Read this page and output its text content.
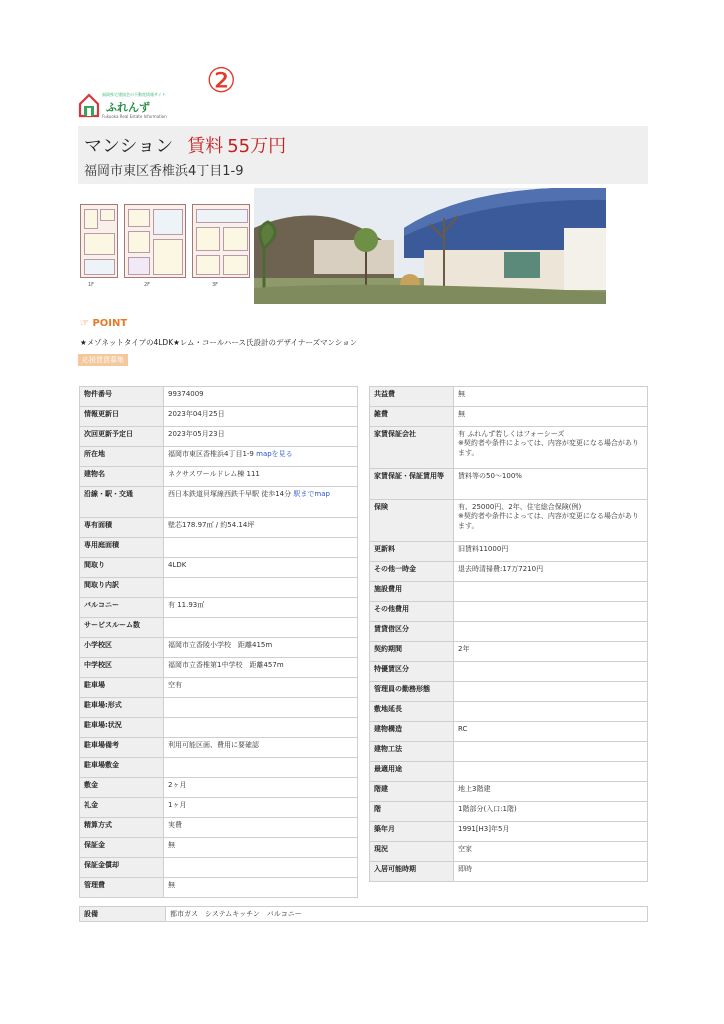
②
福岡県宅建協会の不動産情報サイト
ふれんず
Fukuoka Real Estate Information
マンション 賃料 55万円
福岡市東区香椎浜4丁目1-9
1F	2F	3F
☞ POINT
★メゾネットタイプの4LDK★レム・コールハース氏設計のデザイナーズマンション
応援賃貸募集
物件番号	99374009
情報更新日	2023年04月25日
次回更新予定日	2023年05月23日
所在地	福岡市東区香椎浜4丁目1-9 mapを見る
建物名	ネクサスワールドレム棟 111
沿線・駅・交通	西日本鉄道貝塚線西鉄千早駅 徒歩14分 駅までmap
専有面積	壁芯178.97㎡ / 約54.14坪
専用庭面積	
間取り	4LDK
間取り内訳	
バルコニー	有 11.93㎡
サービスルーム数	
小学校区	福岡市立香陵小学校　距離415m
中学校区	福岡市立香椎第1中学校　距離457m
駐車場	空有
駐車場:形式	
駐車場:状況	
駐車場備考	利用可能区画、費用に要確認
駐車場敷金	
敷金	2ヶ月
礼金	1ヶ月
精算方式	実費
保証金	無
保証金償却	
管理費	無
共益費	無
雑費	無
家賃保証会社	有 ふれんず若しくはフォーシーズ
※契約者や条件によっては、内容が変更になる場合があります。
家賃保証・保証賃用等	賃料等の50～100%
保険	有、25000円、2年、住宅総合保険(例)
※契約者や条件によっては、内容が変更になる場合があります。
更新料	旧賃料11000円
その他一時金	退去時清掃費:17万7210円
施設費用	
その他費用	
賃貸借区分	
契約期間	2年
特優賃区分	
管理員の勤務形態	
敷地延長	
建物構造	RC
建物工法	
最適用途	
階建	地上3階建
階	1階部分(入口:1階)
築年月	1991[H3]年5月
現況	空家
入居可能時期	即時
設備	都市ガス　システムキッチン　バルコニー
